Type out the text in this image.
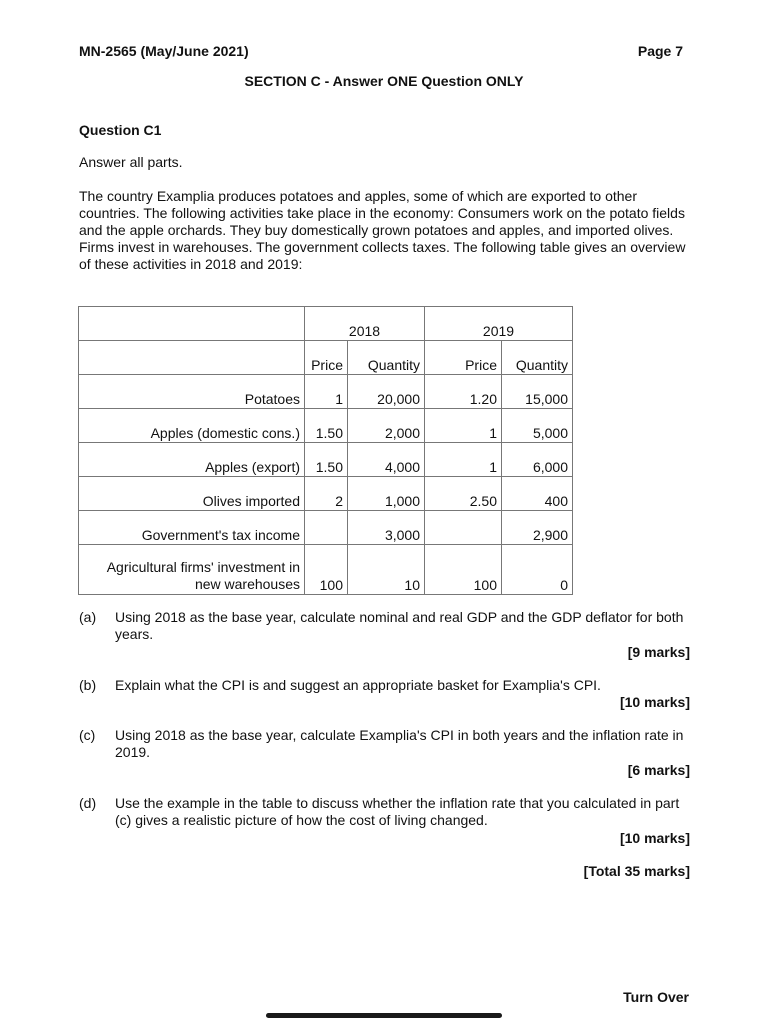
MN-2565 (May/June 2021)	Page 7
SECTION C - Answer ONE Question ONLY
Question C1
Answer all parts.
The country Examplia produces potatoes and apples, some of which are exported to other countries. The following activities take place in the economy: Consumers work on the potato fields and the apple orchards. They buy domestically grown potatoes and apples, and imported olives. Firms invest in warehouses. The government collects taxes. The following table gives an overview of these activities in 2018 and 2019:
	2018		2019	
	Price	Quantity	Price	Quantity
Potatoes	1	20,000	1.20	15,000
Apples (domestic cons.)	1.50	2,000	1	5,000
Apples (export)	1.50	4,000	1	6,000
Olives imported	2	1,000	2.50	400
Government's tax income		3,000		2,900
Agricultural firms' investment in new warehouses	100	10	100	0
(a) Using 2018 as the base year, calculate nominal and real GDP and the GDP deflator for both years.
[9 marks]
(b) Explain what the CPI is and suggest an appropriate basket for Examplia's CPI.
[10 marks]
(c) Using 2018 as the base year, calculate Examplia's CPI in both years and the inflation rate in 2019.
[6 marks]
(d) Use the example in the table to discuss whether the inflation rate that you calculated in part (c) gives a realistic picture of how the cost of living changed.
[10 marks]
[Total 35 marks]
Turn Over
